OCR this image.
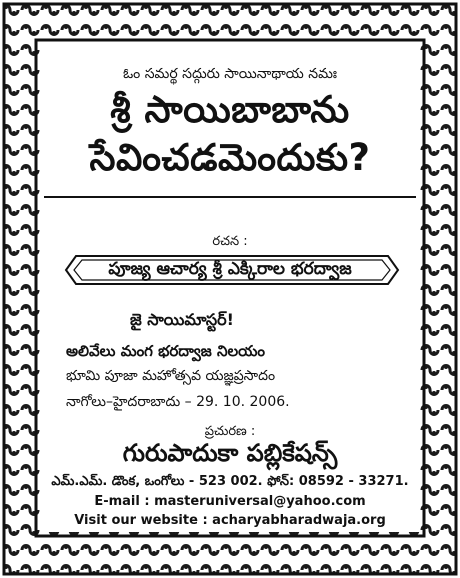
ఓం సమర్థ సద్గురు సాయినాథాయ నమః
శ్రీ సాయిబాబాను
సేవించడమెందుకు?
రచన :
పూజ్య ఆచార్య శ్రీ ఎక్కిరాల భరద్వాజ
జై సాయిమాస్టర్!
అలివేలు మంగ భరద్వాజ నిలయం
భూమి పూజా మహోత్సవ యజ్ఞప్రసాదం
నాగోలు–హైదరాబాదు – 29. 10. 2006.
ప్రచురణ :
గురుపాదుకా పబ్లికేషన్స్
ఎమ్.ఎమ్. డొంక, ఒంగోలు - 523 002. ఫోన్: 08592 - 33271.
E-mail : masteruniversal@yahoo.com
Visit our website : acharyabharadwaja.org
